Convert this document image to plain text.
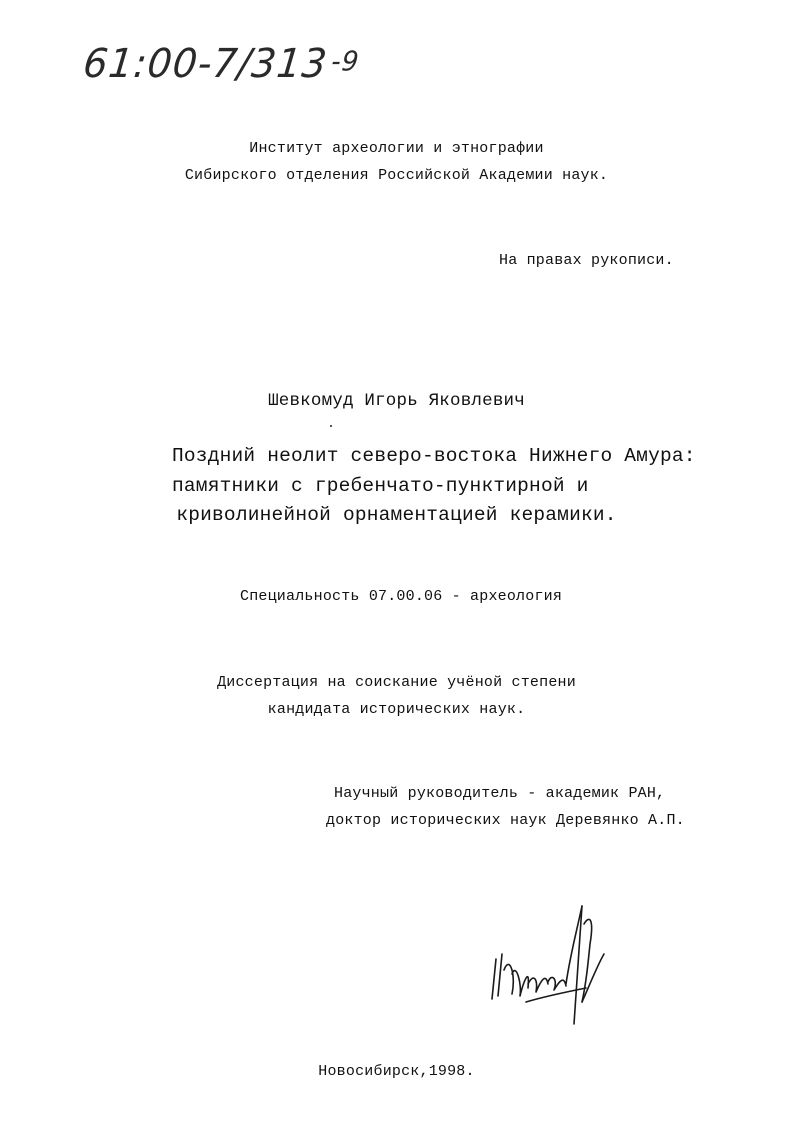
61:00-7/313-9
Институт археологии и этнографии
Сибирского отделения Российской Академии наук.
На правах рукописи.
Шевкомуд Игорь Яковлевич
Поздний неолит северо-востока Нижнего Амура:
памятники с гребенчато-пунктирной и
криволинейной орнаментацией керамики.
Специальность 07.00.06 - археология
Диссертация на соискание учёной степени
кандидата исторических наук.
Научный руководитель - академик РАН,
доктор исторических наук Деревянко А.П.
Новосибирск,1998.
